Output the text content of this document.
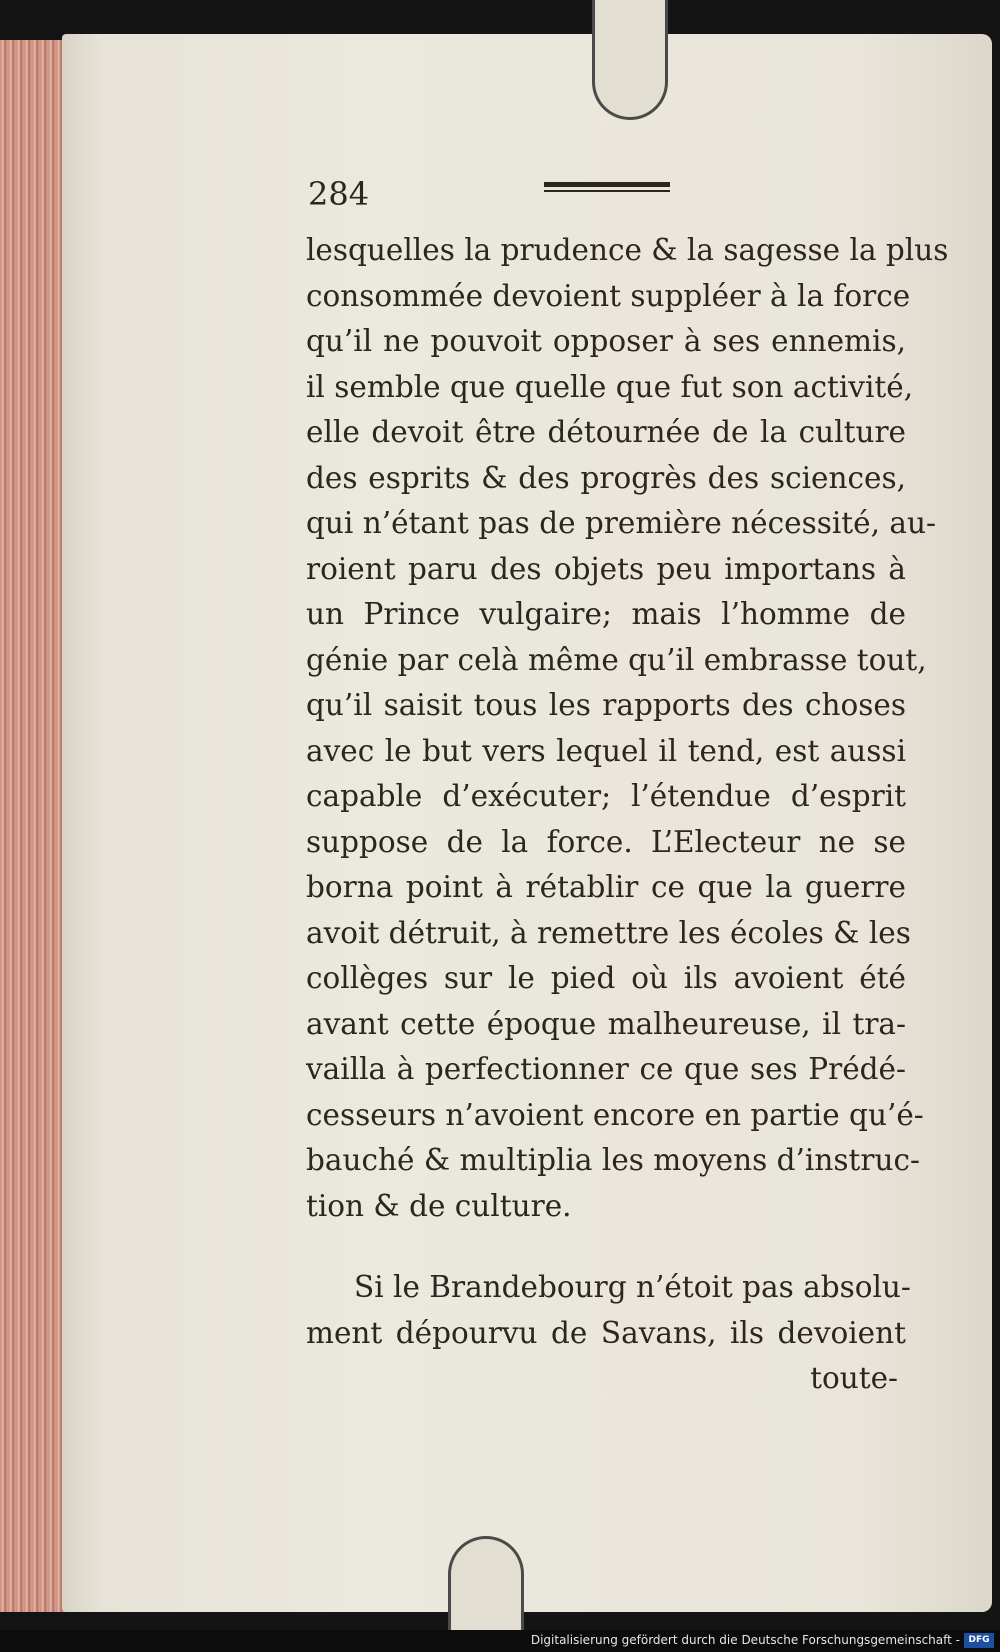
284
lesquelles la prudence & la sagesse la plus
consommée devoient suppléer à la force
qu’il ne pouvoit opposer à ses ennemis,
il semble que quelle que fut son activité,
elle devoit être détournée de la culture
des esprits & des progrès des sciences,
qui n’étant pas de première nécessité, au-
roient paru des objets peu importans à
un Prince vulgaire; mais l’homme de
génie par celà même qu’il embrasse tout,
qu’il saisit tous les rapports des choses
avec le but vers lequel il tend, est aussi
capable d’exécuter; l’étendue d’esprit
suppose de la force. L’Electeur ne se
borna point à rétablir ce que la guerre
avoit détruit, à remettre les écoles & les
collèges sur le pied où ils avoient été
avant cette époque malheureuse, il tra-
vailla à perfectionner ce que ses Prédé-
cesseurs n’avoient encore en partie qu’é-
bauché & multiplia les moyens d’instruc-
tion & de culture.
Si le Brandebourg n’étoit pas absolu-
ment dépourvu de Savans, ils devoient
toute-
Digitalisierung gefördert durch die Deutsche Forschungsgemeinschaft - DFG
